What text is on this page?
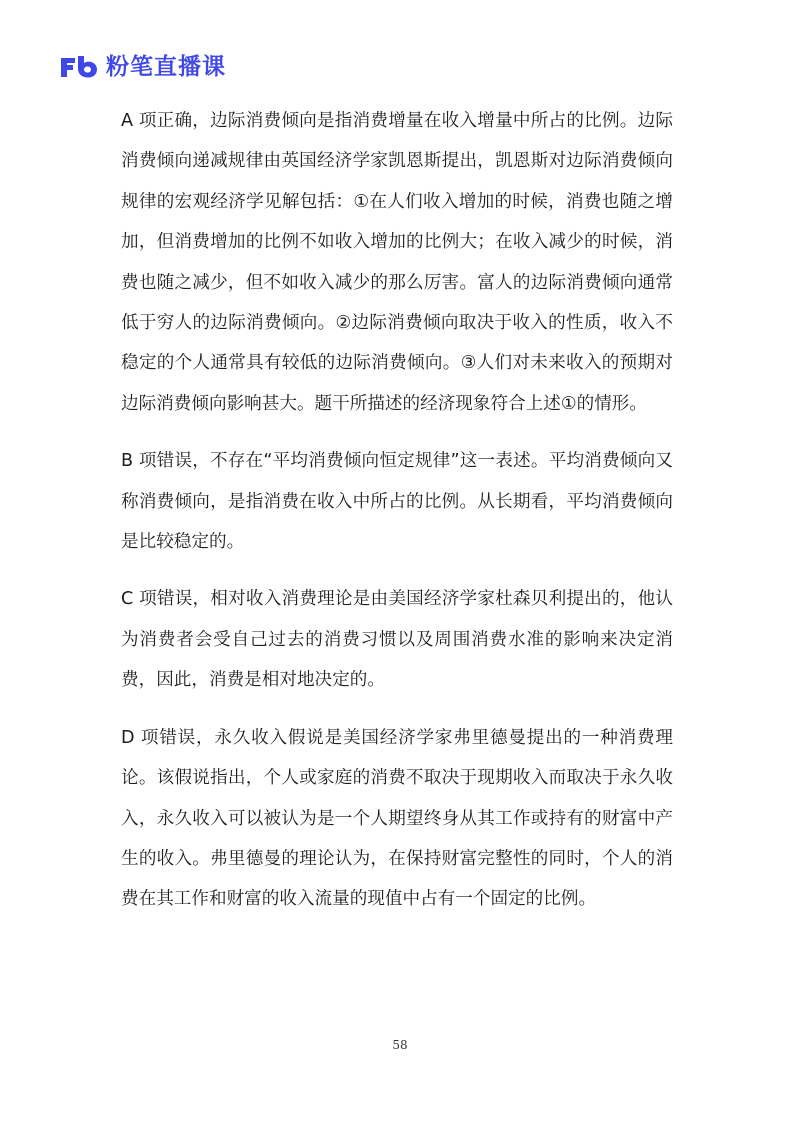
粉笔直播课

A 项正确，边际消费倾向是指消费增量在收入增量中所占的比例。边际消费倾向递减规律由英国经济学家凯恩斯提出，凯恩斯对边际消费倾向规律的宏观经济学见解包括：①在人们收入增加的时候，消费也随之增加，但消费增加的比例不如收入增加的比例大；在收入减少的时候，消费也随之减少，但不如收入减少的那么厉害。富人的边际消费倾向通常低于穷人的边际消费倾向。②边际消费倾向取决于收入的性质，收入不稳定的个人通常具有较低的边际消费倾向。③人们对未来收入的预期对边际消费倾向影响甚大。题干所描述的经济现象符合上述①的情形。

B 项错误，不存在“平均消费倾向恒定规律”这一表述。平均消费倾向又称消费倾向，是指消费在收入中所占的比例。从长期看，平均消费倾向是比较稳定的。

C 项错误，相对收入消费理论是由美国经济学家杜森贝利提出的，他认为消费者会受自己过去的消费习惯以及周围消费水准的影响来决定消费，因此，消费是相对地决定的。

D 项错误，永久收入假说是美国经济学家弗里德曼提出的一种消费理论。该假说指出，个人或家庭的消费不取决于现期收入而取决于永久收入，永久收入可以被认为是一个人期望终身从其工作或持有的财富中产生的收入。弗里德曼的理论认为，在保持财富完整性的同时，个人的消费在其工作和财富的收入流量的现值中占有一个固定的比例。

58
